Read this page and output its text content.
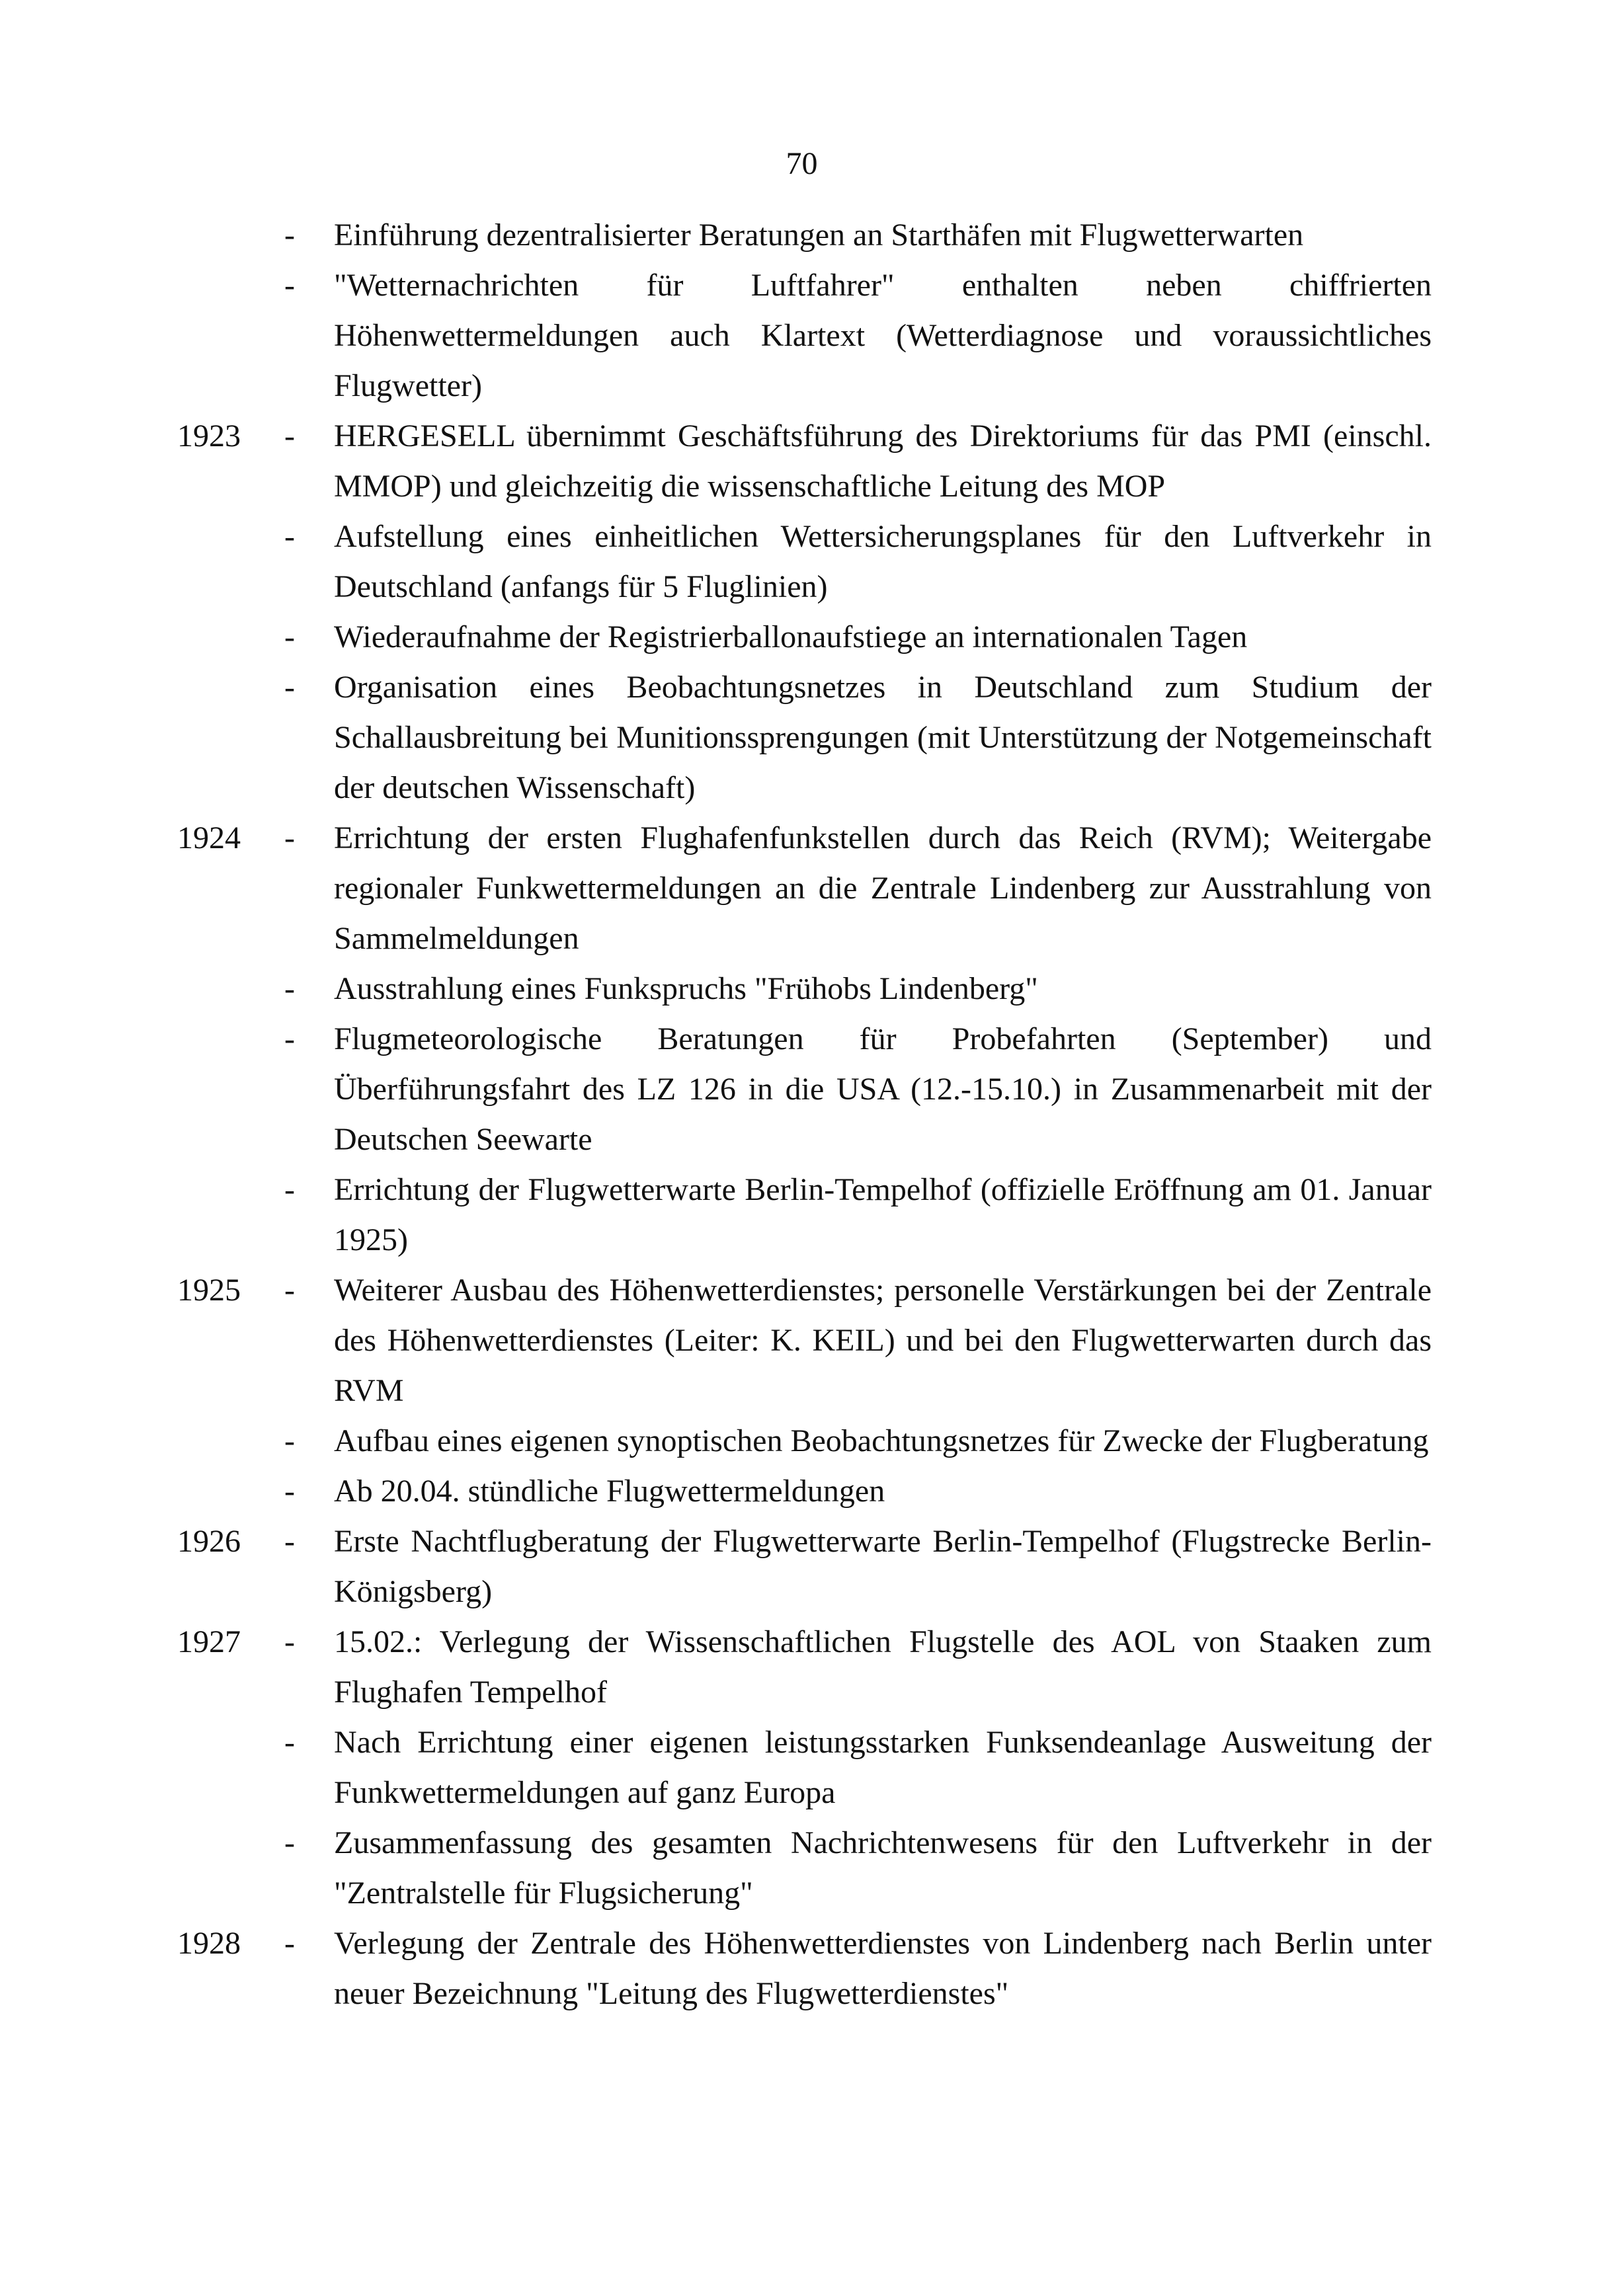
70
- Einführung dezentralisierter Beratungen an Starthäfen mit Flugwetterwarten
- "Wetternachrichten für Luftfahrer" enthalten neben chiffrierten Höhenwettermeldungen auch Klartext (Wetterdiagnose und voraussichtliches Flugwetter)
1923 - HERGESELL übernimmt Geschäftsführung des Direktoriums für das PMI (einschl. MMOP) und gleichzeitig die wissenschaftliche Leitung des MOP
- Aufstellung eines einheitlichen Wettersicherungsplanes für den Luftverkehr in Deutschland (anfangs für 5 Fluglinien)
- Wiederaufnahme der Registrierballonaufstiege an internationalen Tagen
- Organisation eines Beobachtungsnetzes in Deutschland zum Studium der Schallausbreitung bei Munitionssprengungen (mit Unterstützung der Notgemeinschaft der deutschen Wissenschaft)
1924 - Errichtung der ersten Flughafenfunkstellen durch das Reich (RVM); Weitergabe regionaler Funkwettermeldungen an die Zentrale Lindenberg zur Ausstrahlung von Sammelmeldungen
- Ausstrahlung eines Funkspruchs "Frühobs Lindenberg"
- Flugmeteorologische Beratungen für Probefahrten (September) und Überführungsfahrt des LZ 126 in die USA (12.-15.10.) in Zusammenarbeit mit der Deutschen Seewarte
- Errichtung der Flugwetterwarte Berlin-Tempelhof (offizielle Eröffnung am 01. Januar 1925)
1925 - Weiterer Ausbau des Höhenwetterdienstes; personelle Verstärkungen bei der Zentrale des Höhenwetterdienstes (Leiter: K. KEIL) und bei den Flugwetterwarten durch das RVM
- Aufbau eines eigenen synoptischen Beobachtungsnetzes für Zwecke der Flugberatung
- Ab 20.04. stündliche Flugwettermeldungen
1926 - Erste Nachtflugberatung der Flugwetterwarte Berlin-Tempelhof (Flugstrecke Berlin-Königsberg)
1927 - 15.02.: Verlegung der Wissenschaftlichen Flugstelle des AOL von Staaken zum Flughafen Tempelhof
- Nach Errichtung einer eigenen leistungsstarken Funksendeanlage Ausweitung der Funkwettermeldungen auf ganz Europa
- Zusammenfassung des gesamten Nachrichtenwesens für den Luftverkehr in der "Zentralstelle für Flugsicherung"
1928 - Verlegung der Zentrale des Höhenwetterdienstes von Lindenberg nach Berlin unter neuer Bezeichnung "Leitung des Flugwetterdienstes"
